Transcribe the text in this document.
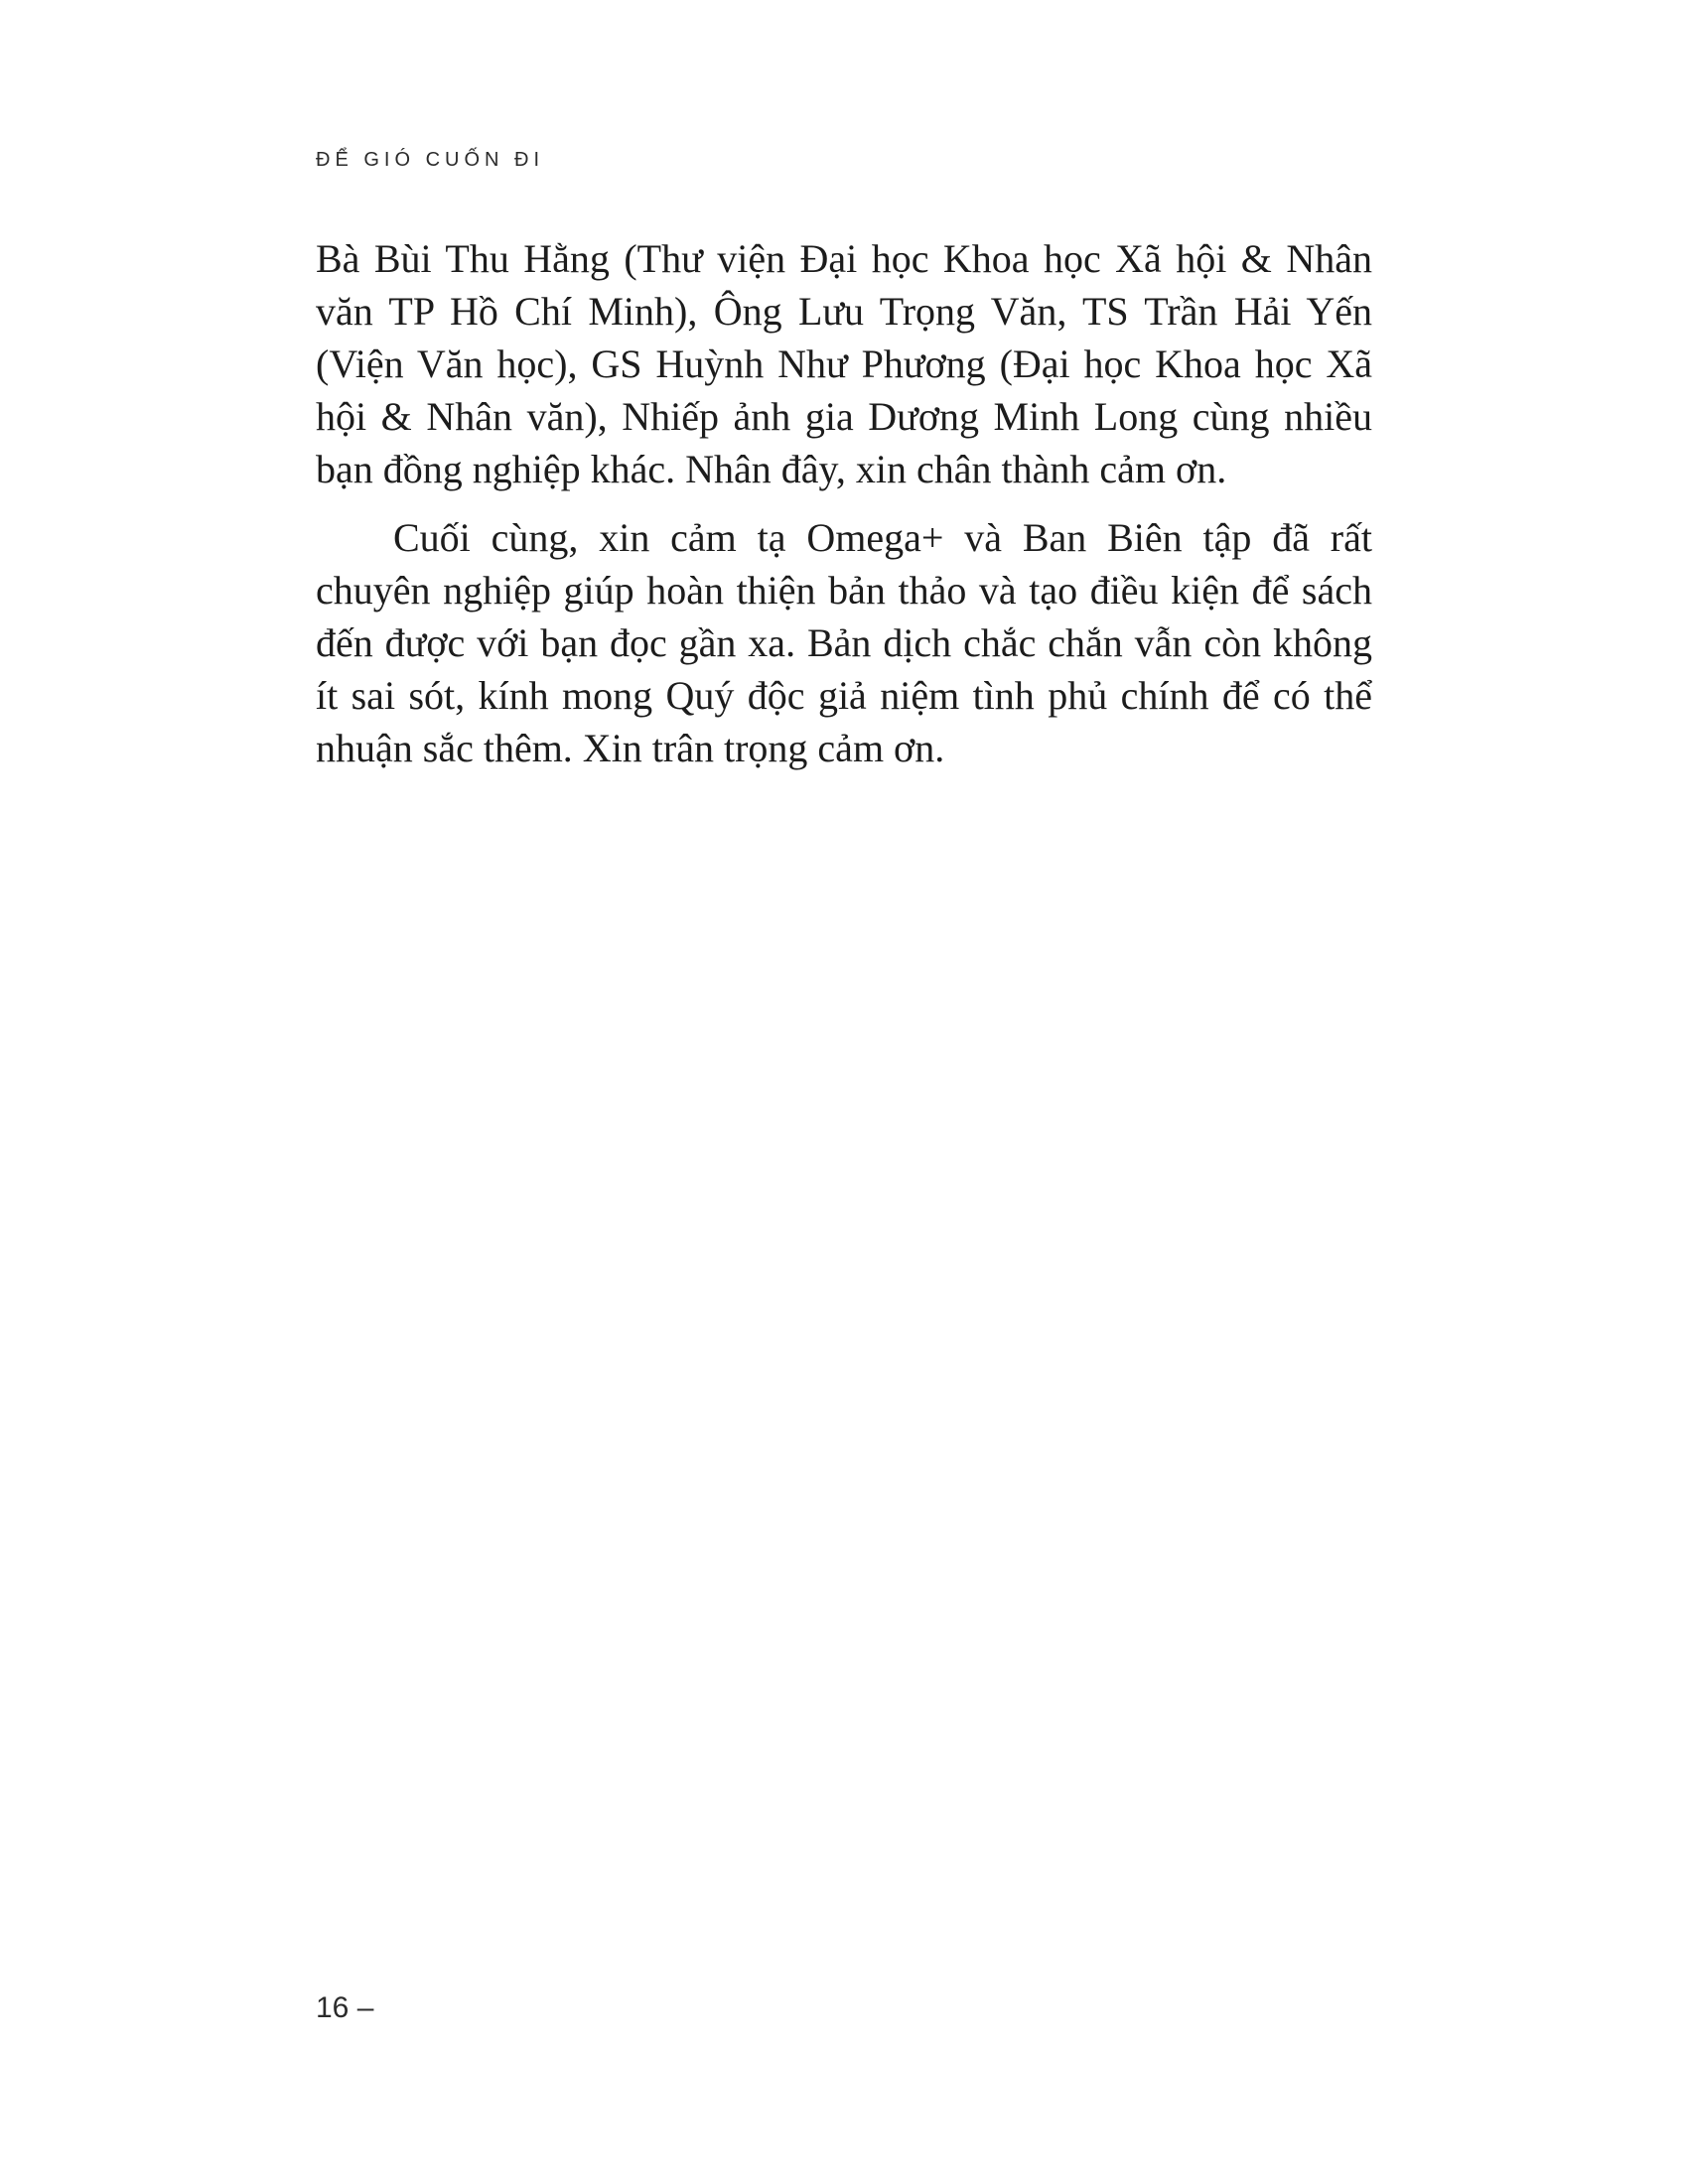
ĐỂ GIÓ CUỐN ĐI

Bà Bùi Thu Hằng (Thư viện Đại học Khoa học Xã hội & Nhân văn TP Hồ Chí Minh), Ông Lưu Trọng Văn, TS Trần Hải Yến (Viện Văn học), GS Huỳnh Như Phương (Đại học Khoa học Xã hội & Nhân văn), Nhiếp ảnh gia Dương Minh Long cùng nhiều bạn đồng nghiệp khác. Nhân đây, xin chân thành cảm ơn.

Cuối cùng, xin cảm tạ Omega+ và Ban Biên tập đã rất chuyên nghiệp giúp hoàn thiện bản thảo và tạo điều kiện để sách đến được với bạn đọc gần xa. Bản dịch chắc chắn vẫn còn không ít sai sót, kính mong Quý độc giả niệm tình phủ chính để có thể nhuận sắc thêm. Xin trân trọng cảm ơn.

16 –
